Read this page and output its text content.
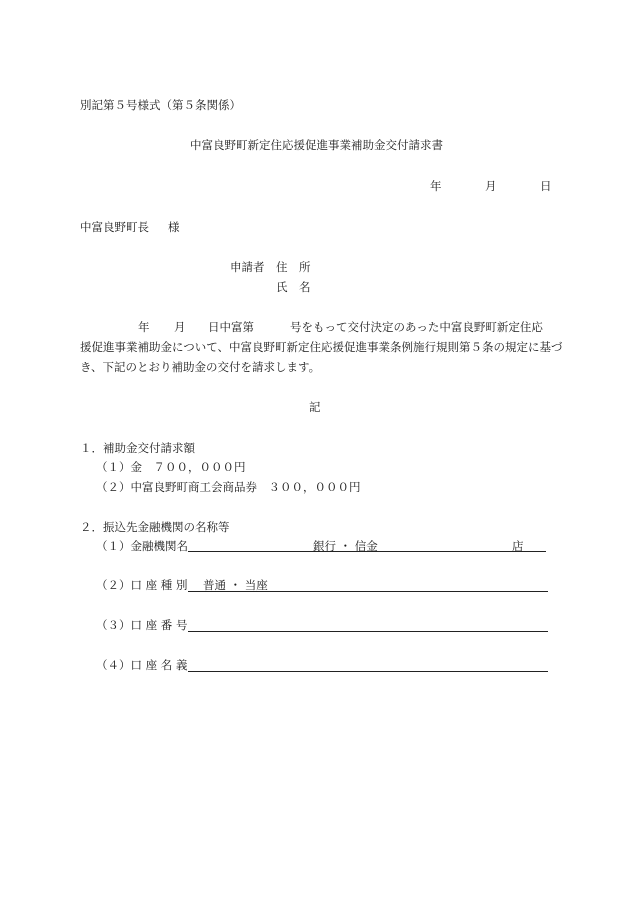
別記第５号様式（第５条関係）
中富良野町新定住応援促進事業補助金交付請求書
年	月	日
中富良野町長 様
申請者 住　所
氏　名
年 月 日中富第	号をもって交付決定のあった中富良野町新定住応
援促進事業補助金について、中富良野町新定住応援促進事業条例施行規則第５条の規定に基づ
き、下記のとおり補助金の交付を請求します。
記
１．補助金交付請求額
（１）金　７００，０００円
（２）中富良野町商工会商品券　３００，０００円
２．振込先金融機関の名称等
（１）金融機関名	銀行 ・ 信金	店
（２）口 座 種 別 普通 ・ 当座
（３）口 座 番 号
（４）口 座 名 義
